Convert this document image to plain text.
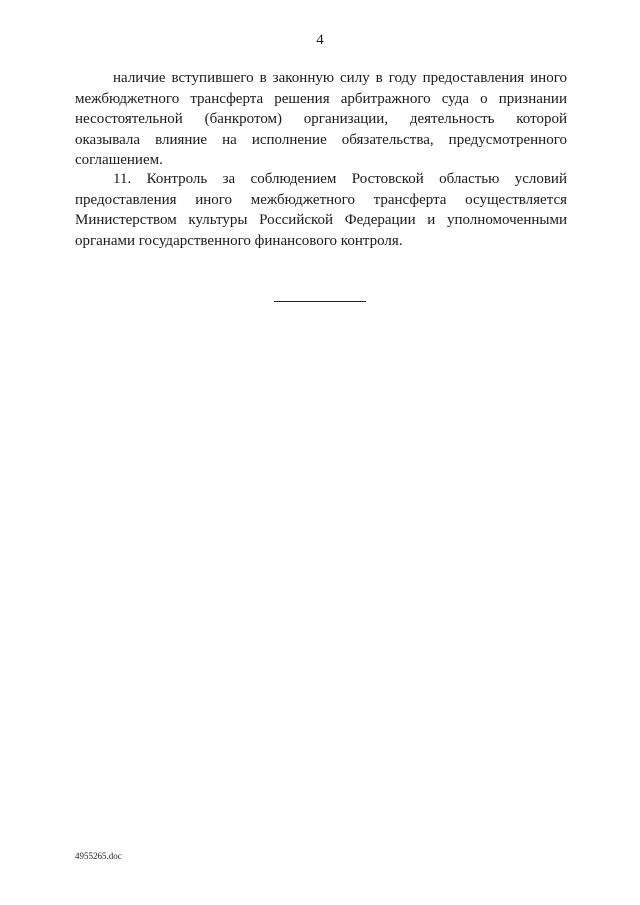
4
наличие вступившего в законную силу в году предоставления иного
межбюджетного трансферта решения арбитражного суда о признании
несостоятельной (банкротом) организации, деятельность которой
оказывала влияние на исполнение обязательства, предусмотренного
соглашением.
11. Контроль за соблюдением Ростовской областью условий
предоставления иного межбюджетного трансферта осуществляется
Министерством культуры Российской Федерации и уполномоченными
органами государственного финансового контроля.
4955265.doc
